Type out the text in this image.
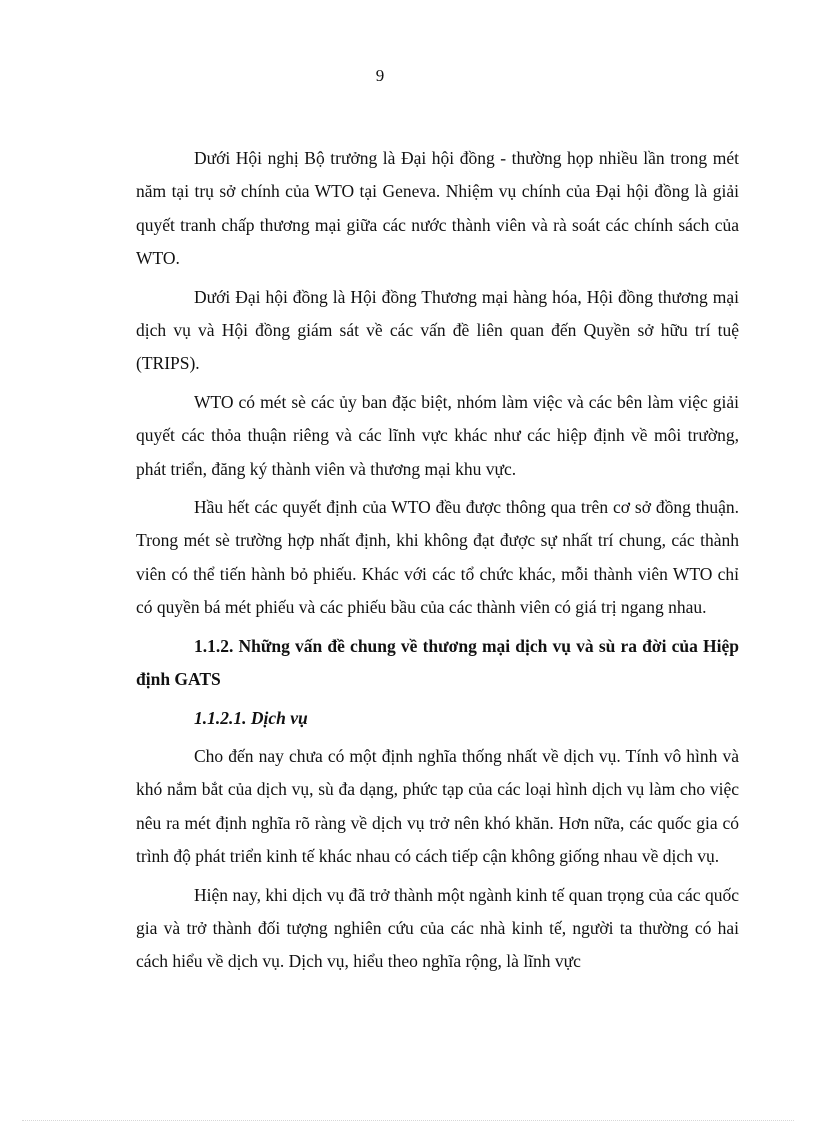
9

Dưới Hội nghị Bộ trưởng là Đại hội đồng - thường họp nhiều lần trong mét năm tại trụ sở chính của WTO tại Geneva. Nhiệm vụ chính của Đại hội đồng là giải quyết tranh chấp thương mại giữa các nước thành viên và rà soát các chính sách của WTO.

Dưới Đại hội đồng là Hội đồng Thương mại hàng hóa, Hội đồng thương mại dịch vụ và Hội đồng giám sát về các vấn đề liên quan đến Quyền sở hữu trí tuệ (TRIPS).

WTO có mét sè các ủy ban đặc biệt, nhóm làm việc và các bên làm việc giải quyết các thỏa thuận riêng và các lĩnh vực khác như các hiệp định về môi trường, phát triển, đăng ký thành viên và thương mại khu vực.

Hầu hết các quyết định của WTO đều được thông qua trên cơ sở đồng thuận. Trong mét sè trường hợp nhất định, khi không đạt được sự nhất trí chung, các thành viên có thể tiến hành bỏ phiếu. Khác với các tổ chức khác, mỗi thành viên WTO chỉ có quyền bá mét phiếu và các phiếu bầu của các thành viên có giá trị ngang nhau.

1.1.2. Những vấn đề chung về thương mại dịch vụ và sù ra đời của Hiệp định GATS

1.1.2.1. Dịch vụ

Cho đến nay chưa có một định nghĩa thống nhất về dịch vụ. Tính vô hình và khó nắm bắt của dịch vụ, sù đa dạng, phức tạp của các loại hình dịch vụ làm cho việc nêu ra mét định nghĩa rõ ràng về dịch vụ trở nên khó khăn. Hơn nữa, các quốc gia có trình độ phát triển kinh tế khác nhau có cách tiếp cận không giống nhau về dịch vụ.

Hiện nay, khi dịch vụ đã trở thành một ngành kinh tế quan trọng của các quốc gia và trở thành đối tượng nghiên cứu của các nhà kinh tế, người ta thường có hai cách hiểu về dịch vụ. Dịch vụ, hiểu theo nghĩa rộng, là lĩnh vực
